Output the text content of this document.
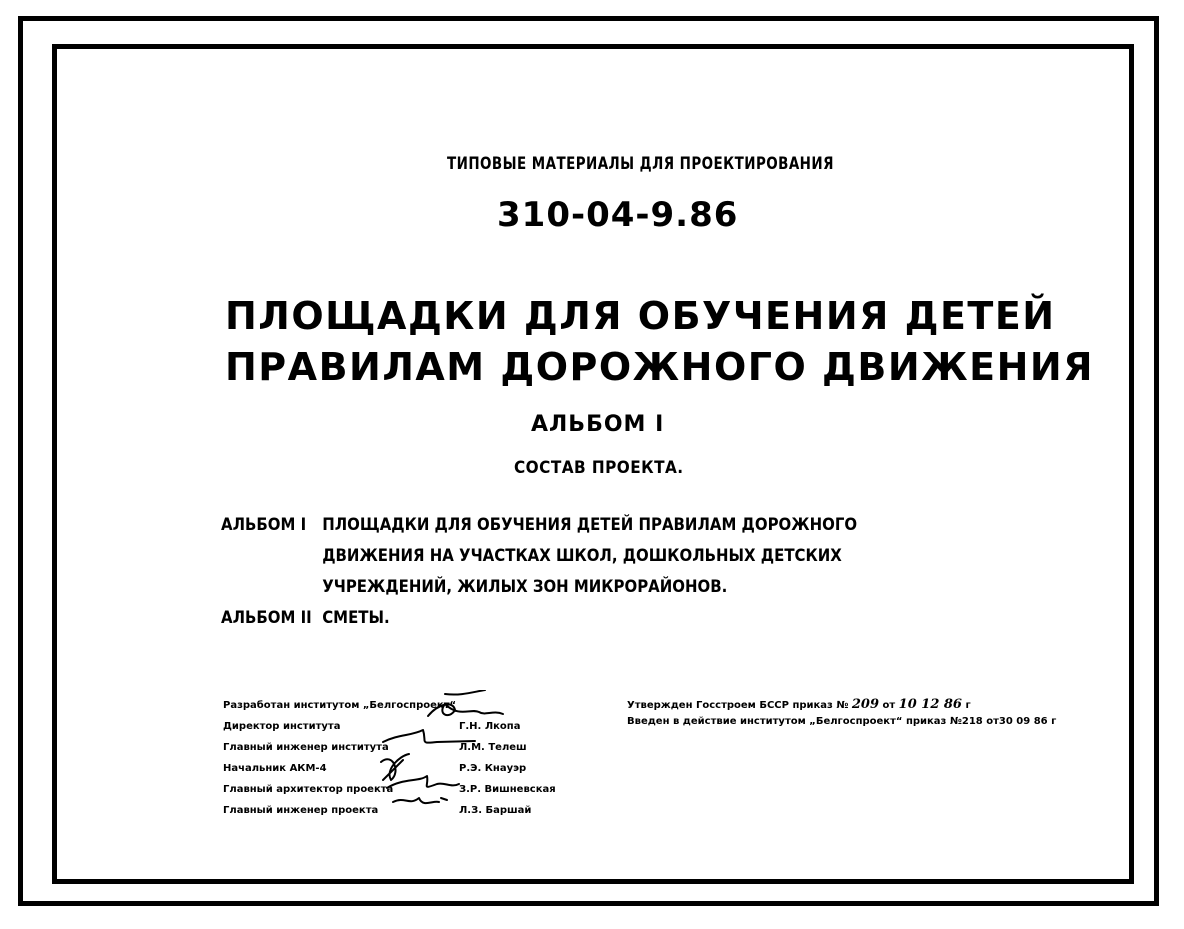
ТИПОВЫЕ МАТЕРИАЛЫ ДЛЯ ПРОЕКТИРОВАНИЯ
310-04-9.86
ПЛОЩАДКИ ДЛЯ ОБУЧЕНИЯ ДЕТЕЙ
ПРАВИЛАМ ДОРОЖНОГО ДВИЖЕНИЯ
АЛЬБОМ I
СОСТАВ ПРОЕКТА.
АЛЬБОМ I ПЛОЩАДКИ ДЛЯ ОБУЧЕНИЯ ДЕТЕЙ ПРАВИЛАМ ДОРОЖНОГО
ДВИЖЕНИЯ НА УЧАСТКАХ ШКОЛ, ДОШКОЛЬНЫХ ДЕТСКИХ
УЧРЕЖДЕНИЙ, ЖИЛЫХ ЗОН МИКРОРАЙОНОВ.
АЛЬБОМ II СМЕТЫ.
Разработан институтом „Белгоспроект“
Директор института	Г.Н. Лкопа
Главный инженер института	Л.М. Телеш
Начальник АКМ-4	Р.Э. Кнауэр
Главный архитектор проекта	З.Р. Вишневская
Главный инженер проекта	Л.З. Баршай
Утвержден Госстроем БССР приказ № 209 от 10 12 86 г
Введен в действие институтом „Белгоспроект“ приказ №218 от30 09 86 г
